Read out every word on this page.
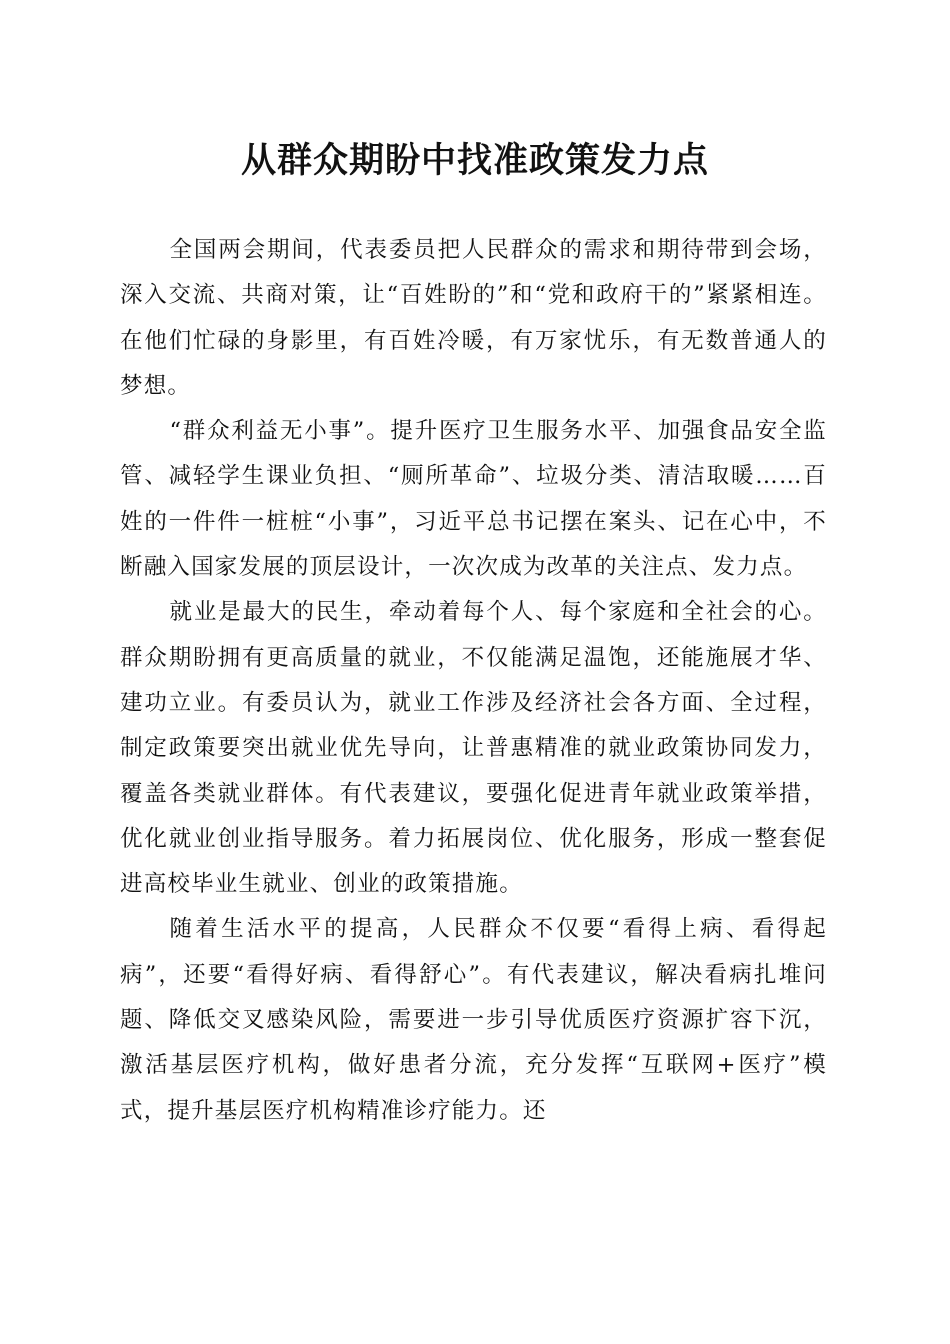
从群众期盼中找准政策发力点

全国两会期间，代表委员把人民群众的需求和期待带到会场，深入交流、共商对策，让“百姓盼的”和“党和政府干的”紧紧相连。在他们忙碌的身影里，有百姓冷暖，有万家忧乐，有无数普通人的梦想。

“群众利益无小事”。提升医疗卫生服务水平、加强食品安全监管、减轻学生课业负担、“厕所革命”、垃圾分类、清洁取暖……百姓的一件件一桩桩“小事”，习近平总书记摆在案头、记在心中，不断融入国家发展的顶层设计，一次次成为改革的关注点、发力点。

就业是最大的民生，牵动着每个人、每个家庭和全社会的心。群众期盼拥有更高质量的就业，不仅能满足温饱，还能施展才华、建功立业。有委员认为，就业工作涉及经济社会各方面、全过程，制定政策要突出就业优先导向，让普惠精准的就业政策协同发力，覆盖各类就业群体。有代表建议，要强化促进青年就业政策举措，优化就业创业指导服务。着力拓展岗位、优化服务，形成一整套促进高校毕业生就业、创业的政策措施。

随着生活水平的提高，人民群众不仅要“看得上病、看得起病”，还要“看得好病、看得舒心”。有代表建议，解决看病扎堆问题、降低交叉感染风险，需要进一步引导优质医疗资源扩容下沉，激活基层医疗机构，做好患者分流，充分发挥“互联网+医疗”模式，提升基层医疗机构精准诊疗能力。还
